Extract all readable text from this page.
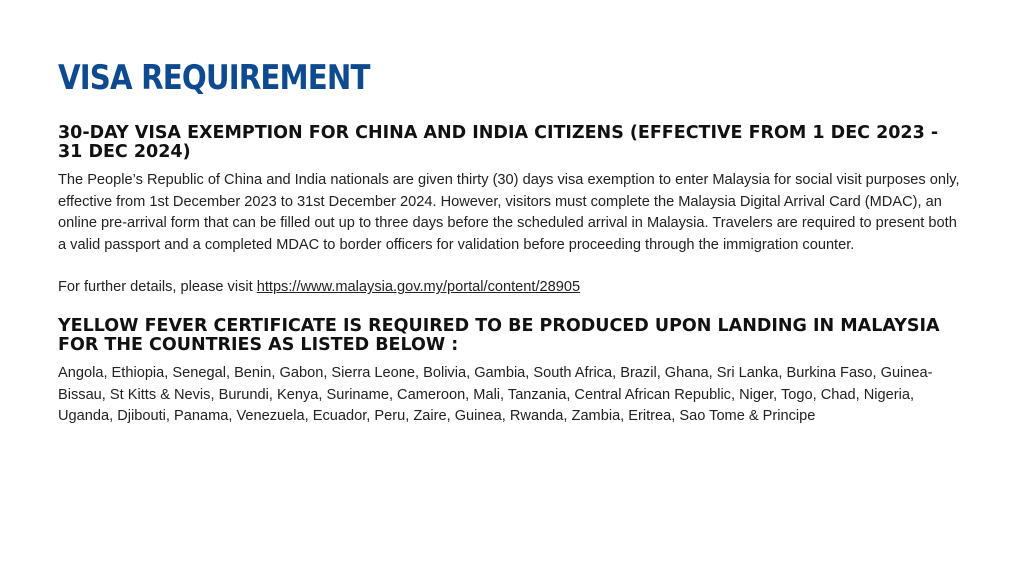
VISA REQUIREMENT
30-DAY VISA EXEMPTION FOR CHINA AND INDIA CITIZENS (EFFECTIVE FROM 1 DEC 2023 - 31 DEC 2024)

The People’s Republic of China and India nationals are given thirty (30) days visa exemption to enter Malaysia for social visit purposes only, effective from 1st December 2023 to 31st December 2024. However, visitors must complete the Malaysia Digital Arrival Card (MDAC), an online pre-arrival form that can be filled out up to three days before the scheduled arrival in Malaysia. Travelers are required to present both a valid passport and a completed MDAC to border officers for validation before proceeding through the immigration counter.

For further details, please visit https://www.malaysia.gov.my/portal/content/28905

YELLOW FEVER CERTIFICATE IS REQUIRED TO BE PRODUCED UPON LANDING IN MALAYSIA FOR THE COUNTRIES AS LISTED BELOW :

Angola, Ethiopia, Senegal, Benin, Gabon, Sierra Leone, Bolivia, Gambia, South Africa, Brazil, Ghana, Sri Lanka, Burkina Faso, Guinea-Bissau, St Kitts & Nevis, Burundi, Kenya, Suriname, Cameroon, Mali, Tanzania, Central African Republic, Niger, Togo, Chad, Nigeria, Uganda, Djibouti, Panama, Venezuela, Ecuador, Peru, Zaire, Guinea, Rwanda, Zambia, Eritrea, Sao Tome & Principe
